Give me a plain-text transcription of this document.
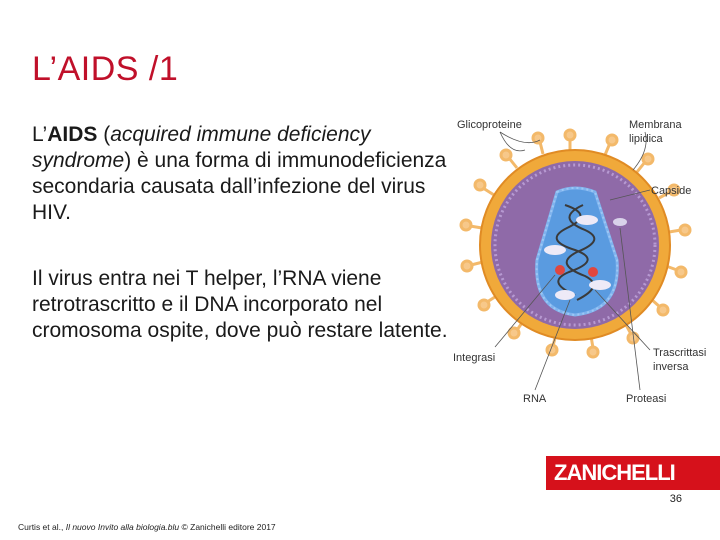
L’AIDS /1

L’AIDS (acquired immune deficiency syndrome) è una forma di immunodeficienza secondaria causata dall’infezione del virus HIV.

Il virus entra nei T helper, l’RNA viene retrotrascritto e il DNA incorporato nel cromosoma ospite, dove può restare latente.

Glicoproteine	Membrana
lipidica
Capside
Integrasi	Trascrittasi
inversa
RNA	Proteasi
ZANICHELLI
36
Curtis et al., Il nuovo Invito alla biologia.blu © Zanichelli editore 2017
